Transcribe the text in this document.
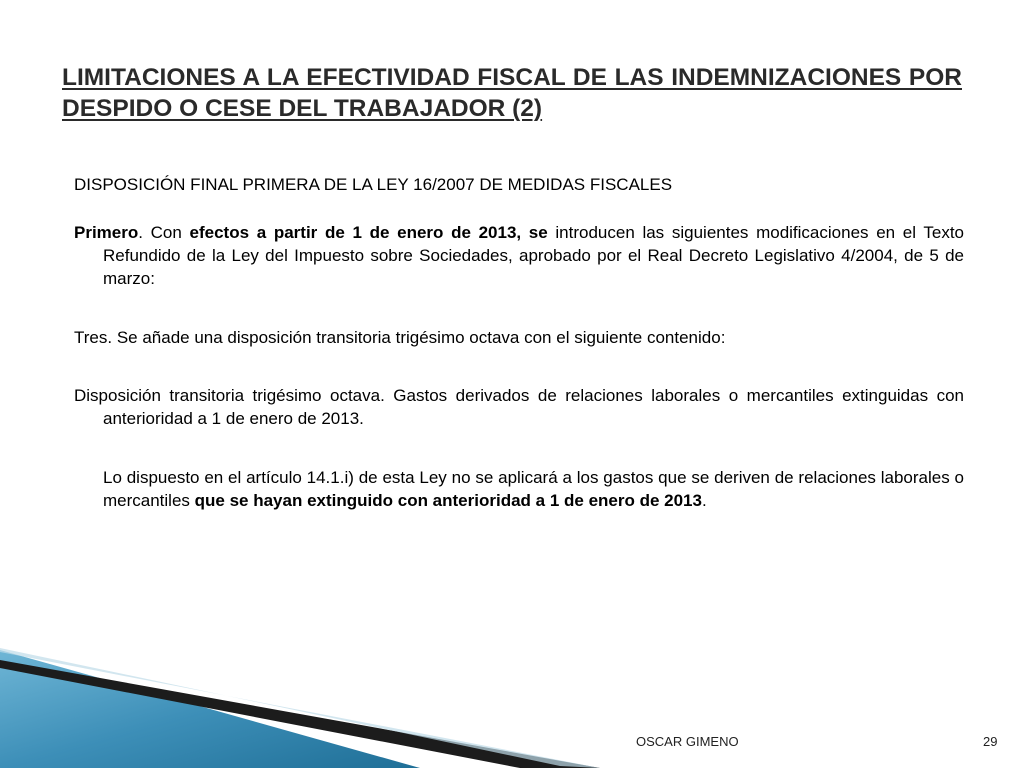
LIMITACIONES A LA EFECTIVIDAD FISCAL DE LAS INDEMNIZACIONES POR DESPIDO O CESE DEL TRABAJADOR (2)

DISPOSICIÓN FINAL PRIMERA DE LA LEY 16/2007 DE MEDIDAS FISCALES

Primero. Con efectos a partir de 1 de enero de 2013, se introducen las siguientes modificaciones en el Texto Refundido de la Ley del Impuesto sobre Sociedades, aprobado por el Real Decreto Legislativo 4/2004, de 5 de marzo:

Tres. Se añade una disposición transitoria trigésimo octava con el siguiente contenido:

Disposición transitoria trigésimo octava. Gastos derivados de relaciones laborales o mercantiles extinguidas con anterioridad a 1 de enero de 2013.

Lo dispuesto en el artículo 14.1.i) de esta Ley no se aplicará a los gastos que se deriven de relaciones laborales o mercantiles que se hayan extinguido con anterioridad a 1 de enero de 2013.

OSCAR GIMENO	29
